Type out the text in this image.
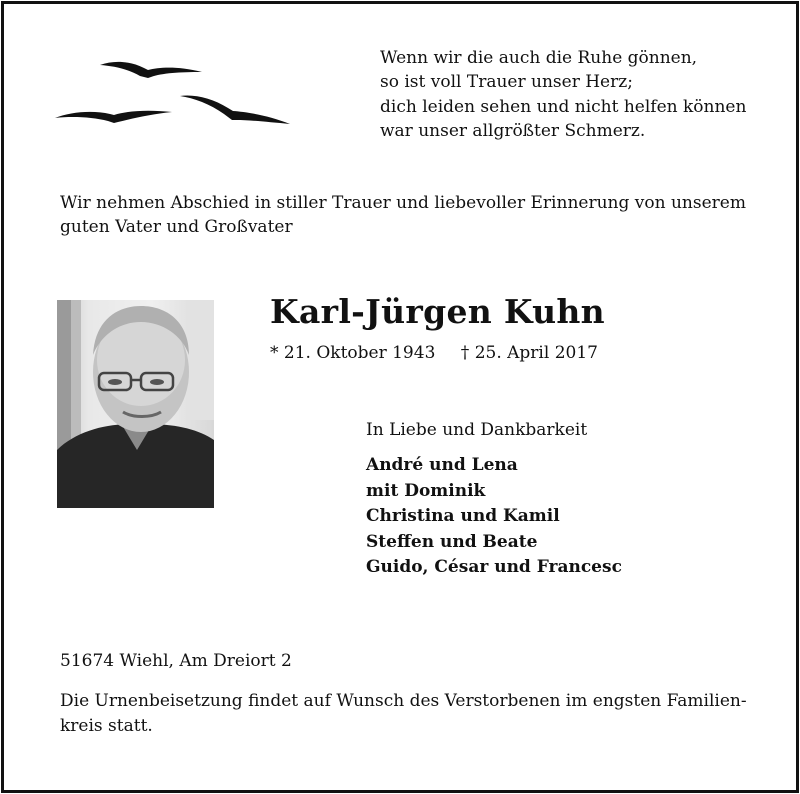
Wenn wir die auch die Ruhe gönnen,
so ist voll Trauer unser Herz;
dich leiden sehen und nicht helfen können
war unser allgrößter Schmerz.
Wir nehmen Abschied in stiller Trauer und liebevoller Erinnerung von unserem guten Vater und Großvater
Karl-Jürgen Kuhn
* 21. Oktober 1943 † 25. April 2017
In Liebe und Dankbarkeit
André und Lena
mit Dominik
Christina und Kamil
Steffen und Beate
Guido, César und Francesc
51674 Wiehl, Am Dreiort 2
Die Urnenbeisetzung findet auf Wunsch des Verstorbenen im engsten Familien-
kreis statt.
